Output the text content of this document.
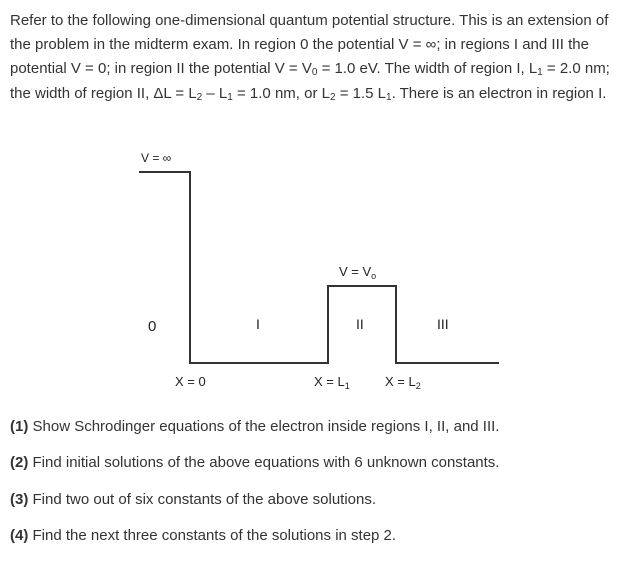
Refer to the following one-dimensional quantum potential structure. This is an extension of the problem in the midterm exam. In region 0 the potential V = ∞; in regions I and III the potential V = 0; in region II the potential $V = V_0 = 1.0$ eV. The width of region I, $L_1 = 2.0$ nm; the width of region II, $\Delta L = L_2 - L_1 = 1.0$ nm, or $L_2 = 1.5$ $L_1$. There is an electron in region I.

V = ∞
$V = V_o$
0	I	II	III
X = 0	$X = L_1$	$X = L_2$
(1) Show Schrodinger equations of the electron inside regions I, II, and III.
(2) Find initial solutions of the above equations with 6 unknown constants.
(3) Find two out of six constants of the above solutions.
(4) Find the next three constants of the solutions in step 2.
